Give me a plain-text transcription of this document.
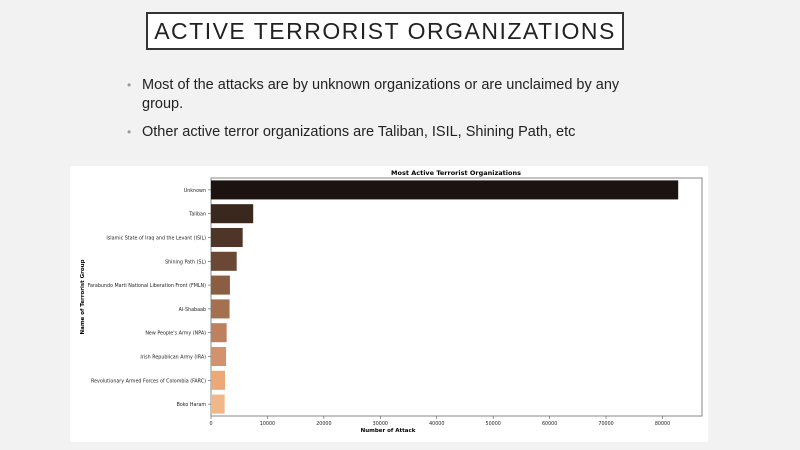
ACTIVE TERRORIST ORGANIZATIONS
• Most of the attacks are by unknown organizations or are unclaimed by any group.
• Other active terror organizations are Taliban, ISIL, Shining Path, etc
Most Active Terrorist Organizations
Number of Attack
Name of Terrorist Group
Unknown
Taliban
Islamic State of Iraq and the Levant (ISIL)
Shining Path (SL)
Farabundo Marti National Liberation Front (FMLN)
Al-Shabaab
New People's Army (NPA)
Irish Republican Army (IRA)
Revolutionary Armed Forces of Colombia (FARC)
Boko Haram
0	10000	20000	30000	40000	50000	60000	70000	80000
